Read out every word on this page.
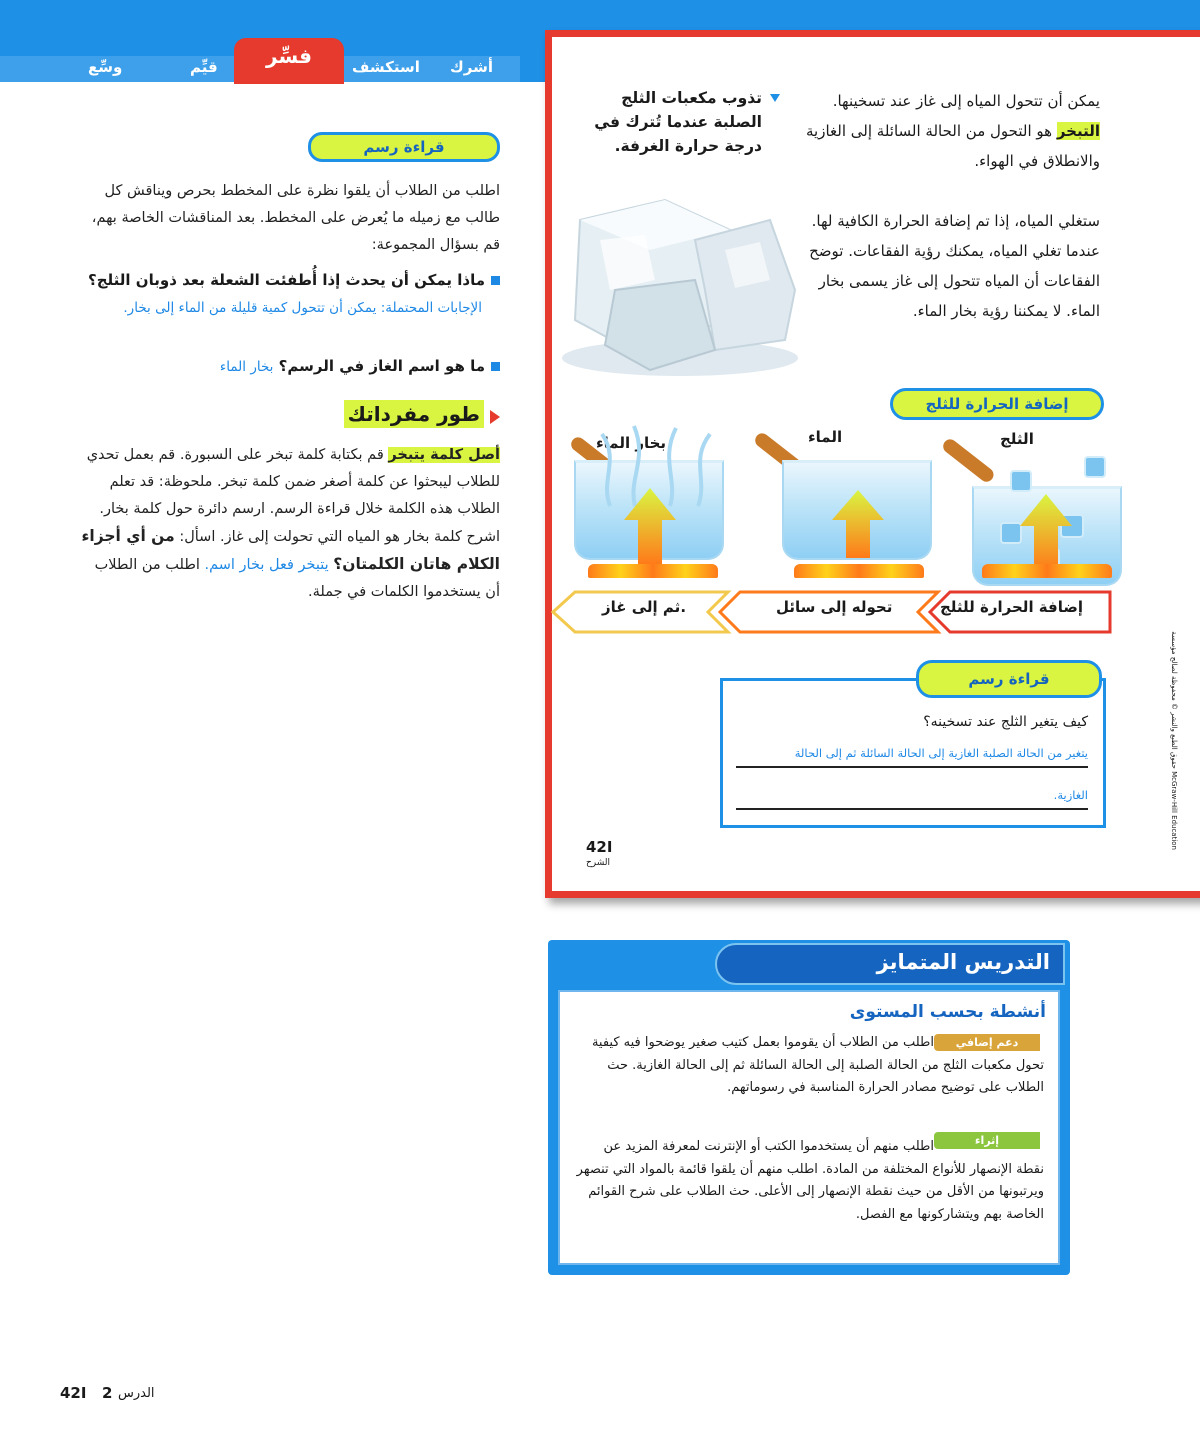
أشرك
استكشف
فسِّر
قيِّم
وسِّع
قراءة رسم
اطلب من الطلاب أن يلقوا نظرة على المخطط بحرص ويناقش كل طالب مع زميله ما يُعرض على المخطط. بعد المناقشات الخاصة بهم، قم بسؤال المجموعة:
ماذا يمكن أن يحدث إذا أُطفئت الشعلة بعد ذوبان الثلج؟
الإجابات المحتملة: يمكن أن تتحول كمية قليلة من الماء إلى بخار.
ما هو اسم الغاز في الرسم؟ بخار الماء
طور مفرداتك
أصل كلمة يتبخر قم بكتابة كلمة تبخر على السبورة. قم بعمل تحدي للطلاب ليبحثوا عن كلمة أصغر ضمن كلمة تبخر. ملحوظة: قد تعلم الطلاب هذه الكلمة خلال قراءة الرسم. ارسم دائرة حول كلمة بخار. اشرح كلمة بخار هو المياه التي تحولت إلى غاز. اسأل: من أي أجزاء الكلام هاتان الكلمتان؟ يتبخر فعل بخار اسم. اطلب من الطلاب أن يستخدموا الكلمات في جملة.
يمكن أن تتحول المياه إلى غاز عند تسخينها. التبخر هو التحول من الحالة السائلة إلى الغازية والانطلاق في الهواء.
ستغلي المياه، إذا تم إضافة الحرارة الكافية لها. عندما تغلي المياه، يمكنك رؤية الفقاعات. توضح الفقاعات أن المياه تتحول إلى غاز يسمى بخار الماء. لا يمكننا رؤية بخار الماء.
تذوب مكعبات الثلج الصلبة عندما تُترك في درجة حرارة الغرفة.
إضافة الحرارة للثلج
الثلج
الماء
بخار الماء
إضافة الحرارة للثلج
تحوله إلى سائل
ثم إلى غاز.
قراءة رسم
كيف يتغير الثلج عند تسخينه؟
يتغير من الحالة الصلبة الغازية إلى الحالة السائلة ثم إلى الحالة
الغازية.
42I
الشرح
McGraw-Hill Education حقوق الطبع والنشر © محفوظة لصالح مؤسسة
التدريس المتمايز
أنشطة بحسب المستوى
دعم إضافي
اطلب من الطلاب أن يقوموا بعمل كتيب صغير يوضحوا فيه كيفية تحول مكعبات الثلج من الحالة الصلبة إلى الحالة السائلة ثم إلى الحالة الغازية. حث الطلاب على توضيح مصادر الحرارة المناسبة في رسوماتهم.
إثراء
اطلب منهم أن يستخدموا الكتب أو الإنترنت لمعرفة المزيد عن نقطة الإنصهار للأنواع المختلفة من المادة. اطلب منهم أن يلقوا قائمة بالمواد التي تنصهر ويرتبونها من الأقل من حيث نقطة الإنصهار إلى الأعلى. حث الطلاب على شرح القوائم الخاصة بهم ويتشاركونها مع الفصل.
الدرس
2
42I
